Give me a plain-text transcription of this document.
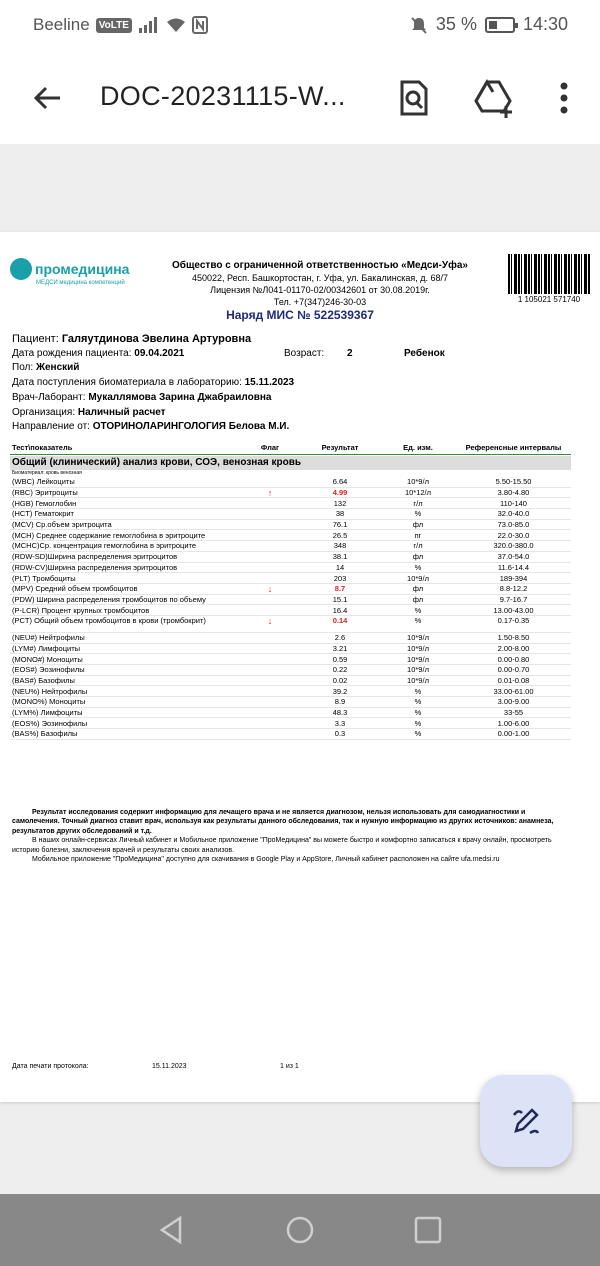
Beeline VoLTE	35 %	14:30
DOC-20231115-W...
промедицина
МЕДСИ медицина компетенций
Общество с ограниченной ответственностью «Медси-Уфа»
450022, Респ. Башкортостан, г. Уфа, ул. Бакалинская, д. 68/7
Лицензия №Л041-01170-02/00342601 от 30.08.2019г.
Тел. +7(347)246-30-03	1 105021 571740
Наряд МИС № 522539367
Пациент: Галяутдинова Эвелина Артуровна
Дата рождения пациента: 09.04.2021	Возраст: 2	Ребенок
Пол: Женский
Дата поступления биоматериала в лабораторию: 15.11.2023
Врач-Лаборант: Мукаллямова Зарина Джабраиловна
Организация: Наличный расчет
Направление от: ОТОРИНОЛАРИНГОЛОГИЯ Белова М.И.
Тест\показатель	Флаг	Результат	Ед. изм.	Референсные интервалы
Общий (клинический) анализ крови, СОЭ, венозная кровь
Биоматериал: кровь венозная
(WBC) Лейкоциты	6.64	10*9/л	5.50-15.50
(RBC) Эритроциты	↑	4.99	10*12/л	3.80-4.80
(HGB) Гемоглобин	132	г/л	110-140
(HCT) Гематокрит	38	%	32.0-40.0
(MCV) Ср.объем эритроцита	76.1	фл	73.0-85.0
(MCH) Среднее содержание гемоглобина в эритроците	26.5	пг	22.0-30.0
(MCHC)Ср. концентрация гемоглобина в эритроците	348	г/л	320.0-380.0
(RDW-SD)Ширина распределения эритроцитов	38.1	фл	37.0-54.0
(RDW-CV)Ширина распределения эритроцитов	14	%	11.6-14.4
(PLT) Тромбоциты	203	10*9/л	189-394
(MPV) Средний объем тромбоцитов	↓	8.7	фл	8.8-12.2
(PDW) Ширина распределения тромбоцитов по объему	15.1	фл	9.7-16.7
(P-LCR) Процент крупных тромбоцитов	16.4	%	13.00-43.00
(PCT) Общий объем тромбоцитов в крови (тромбокрит)	↓	0.14	%	0.17-0.35
(NEU#) Нейтрофилы	2.6	10*9/л	1.50-8.50
(LYM#) Лимфоциты	3.21	10*9/л	2.00-8.00
(MONO#) Моноциты	0.59	10*9/л	0.00-0.80
(EOS#) Эозинофилы	0.22	10*9/л	0.00-0.70
(BAS#) Базофилы	0.02	10*9/л	0.01-0.08
(NEU%) Нейтрофилы	39.2	%	33.00-61.00
(MONO%) Моноциты	8.9	%	3.00-9.00
(LYM%) Лимфоциты	48.3	%	33-55
(EOS%) Эозинофилы	3.3	%	1.00-6.00
(BAS%) Базофилы	0.3	%	0.00-1.00

Результат исследования содержит информацию для лечащего врача и не является диагнозом, нельзя использовать для самодиагностики и самолечения. Точный диагноз ставит врач, используя как результаты данного обследования, так и нужную информацию из других источников: анамнеза, результатов других обследований и т.д.

В наших онлайн-сервисах Личный кабинет и Мобильное приложение "ПроМедицина" вы можете быстро и комфортно записаться к врачу онлайн, просмотреть историю болезни, заключения врачей и результаты своих анализов.

Мобильное приложение "ПроМедицина" доступно для скачивания в Google Play и AppStore, Личный кабинет расположен на сайте ufa.medsi.ru

Дата печати протокола:	15.11.2023	1 из 1
